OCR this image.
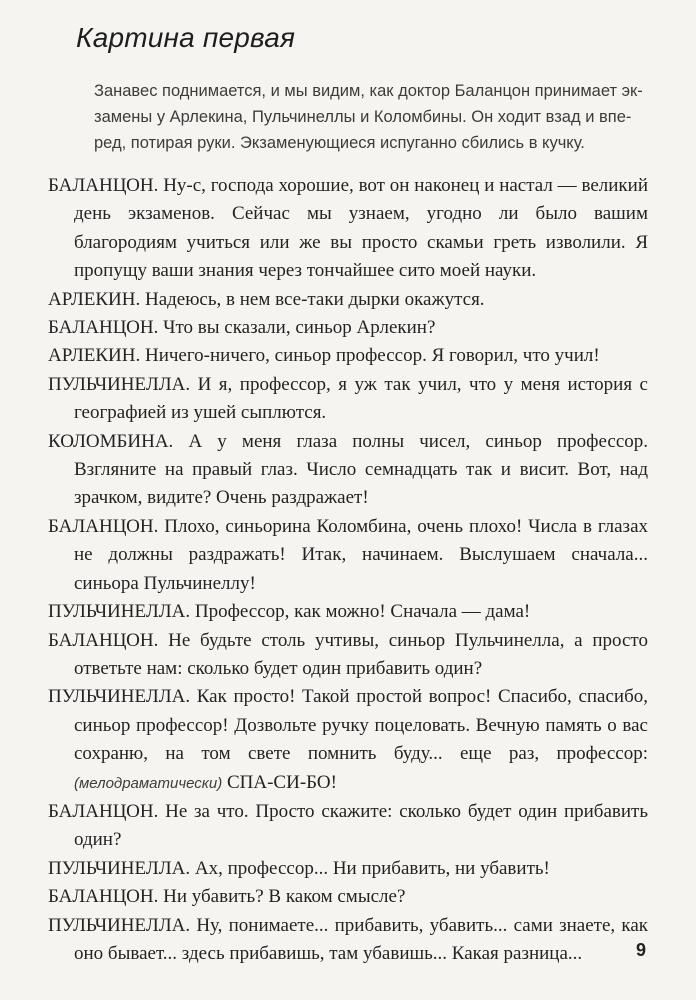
Картина первая
Занавес поднимается, и мы видим, как доктор Баланцон принимает эк-
замены у Арлекина, Пульчинеллы и Коломбины. Он ходит взад и впе-
ред, потирая руки. Экзаменующиеся испуганно сбились в кучку.

БАЛАНЦОН. Ну-с, господа хорошие, вот он наконец и настал — великий день экзаменов. Сейчас мы узнаем, угодно ли было вашим благородиям учиться или же вы просто скамьи греть изволили. Я пропущу ваши знания через тончайшее сито моей науки.

АРЛЕКИН. Надеюсь, в нем все-таки дырки окажутся.

БАЛАНЦОН. Что вы сказали, синьор Арлекин?

АРЛЕКИН. Ничего-ничего, синьор профессор. Я говорил, что учил!

ПУЛЬЧИНЕЛЛА. И я, профессор, я уж так учил, что у меня история с географией из ушей сыплются.

КОЛОМБИНА. А у меня глаза полны чисел, синьор профессор. Взгляните на правый глаз. Число семнадцать так и висит. Вот, над зрачком, видите? Очень раздражает!

БАЛАНЦОН. Плохо, синьорина Коломбина, очень плохо! Числа в глазах не должны раздражать! Итак, начинаем. Выслушаем сначала... синьора Пульчинеллу!

ПУЛЬЧИНЕЛЛА. Профессор, как можно! Сначала — дама!

БАЛАНЦОН. Не будьте столь учтивы, синьор Пульчинелла, а просто ответьте нам: сколько будет один прибавить один?

ПУЛЬЧИНЕЛЛА. Как просто! Такой простой вопрос! Спасибо, спасибо, синьор профессор! Дозвольте ручку поцеловать. Вечную память о вас сохраню, на том свете помнить буду... еще раз, профессор: (мелодраматически) СПА-СИ-БО!

БАЛАНЦОН. Не за что. Просто скажите: сколько будет один прибавить один?

ПУЛЬЧИНЕЛЛА. Ах, профессор... Ни прибавить, ни убавить!

БАЛАНЦОН. Ни убавить? В каком смысле?

ПУЛЬЧИНЕЛЛА. Ну, понимаете... прибавить, убавить... сами знаете, как оно бывает... здесь прибавишь, там убавишь... Какая разница...	9
